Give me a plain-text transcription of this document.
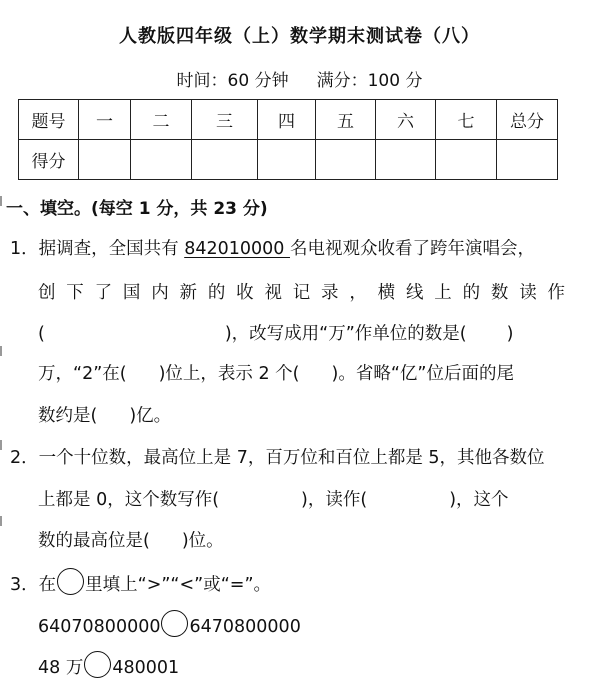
人教版四年级（上）数学期末测试卷（八）
时间：60 分钟 满分：100 分
题号	一	二	三	四	五	六	七	总分
得分								
一、填空。(每空 1 分，共 23 分)
1．据调查，全国共有 842010000 名电视观众收看了跨年演唱会，
创下了国内新的收视记录，横线上的数读作
(	)，改写成用“万”作单位的数是( )
万，“2”在( )位上，表示 2 个( )。省略“亿”位后面的尾
数约是( )亿。
2．一个十位数，最高位上是 7，百万位和百位上都是 5，其他各数位
上都是 0，这个数写作(	)，读作(	)，这个
数的最高位是( )位。
3．在 里填上“>”“<”或“=”。
64070800000 6470800000
48 万 480001
